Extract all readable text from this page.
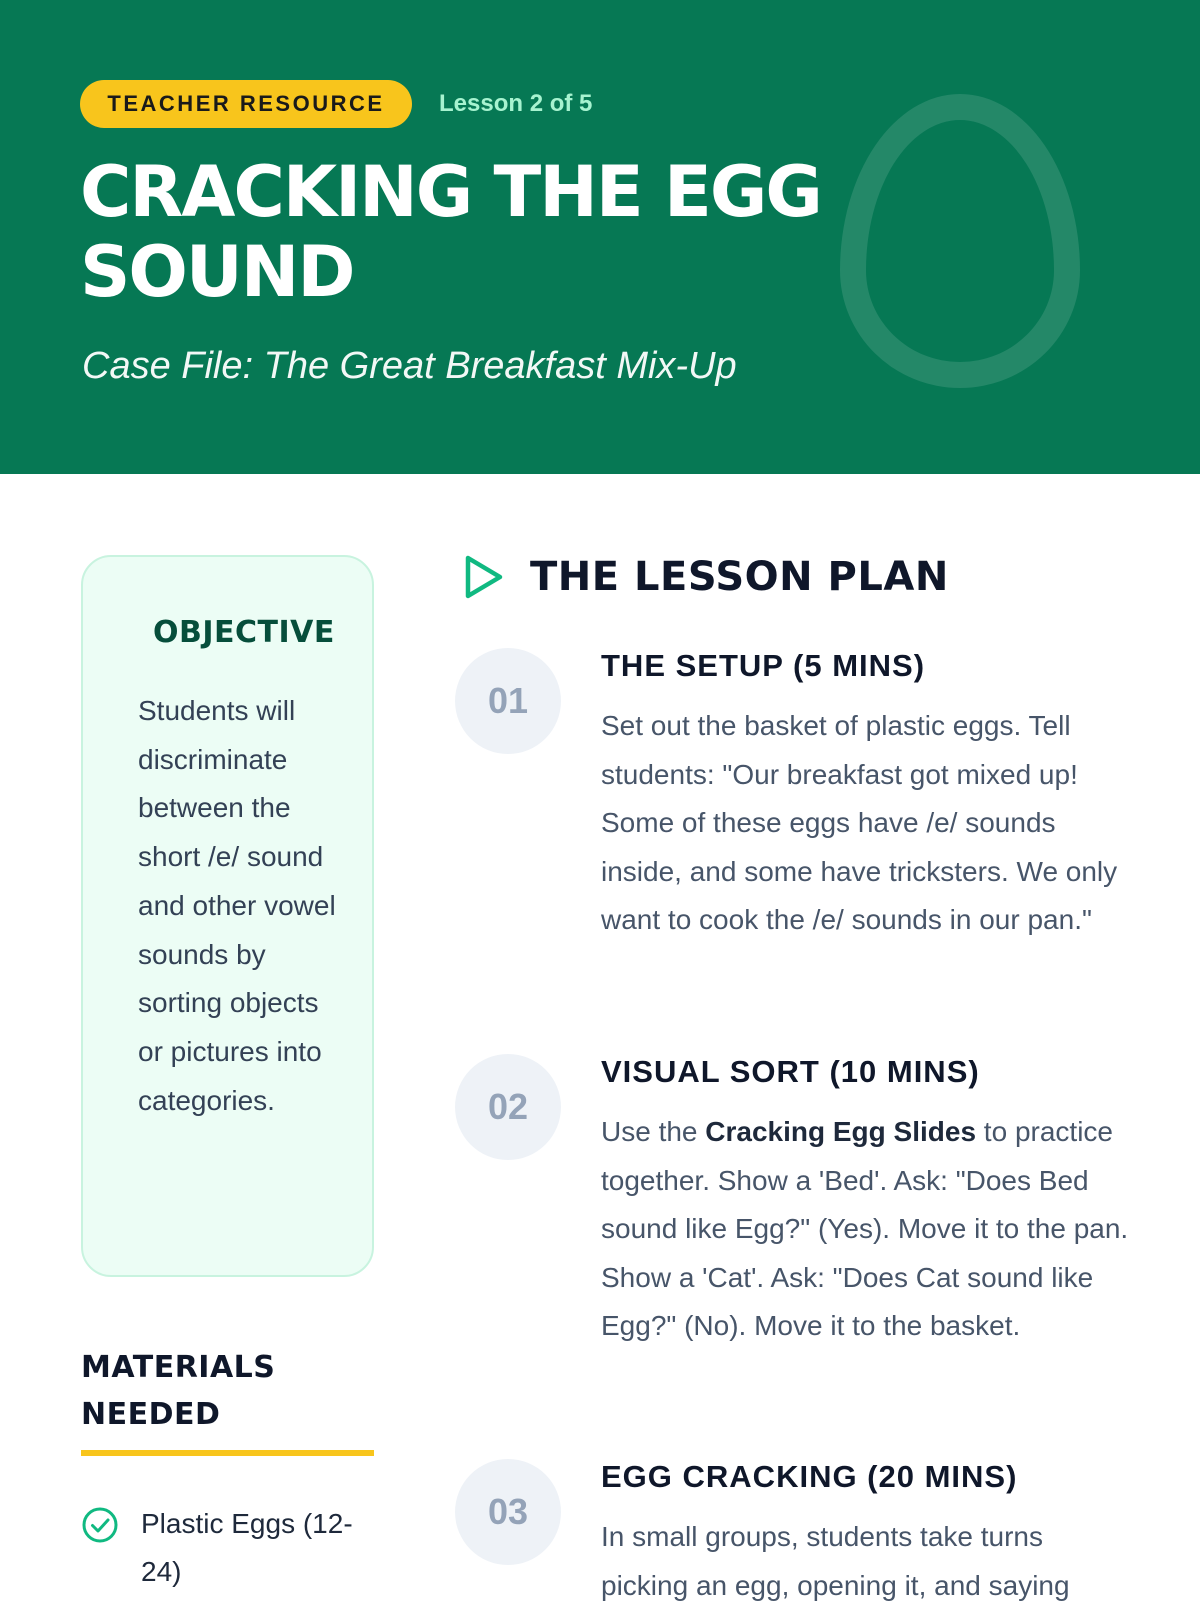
TEACHER RESOURCE	Lesson 2 of 5
CRACKING THE EGG SOUND
Case File: The Great Breakfast Mix-Up
OBJECTIVE

Students will discriminate between the short /e/ sound and other vowel sounds by sorting objects or pictures into categories.

MATERIALS NEEDED
Plastic Eggs (12-24)
THE LESSON PLAN
01
THE SETUP (5 MINS)

Set out the basket of plastic eggs. Tell students: "Our breakfast got mixed up! Some of these eggs have /e/ sounds inside, and some have tricksters. We only want to cook the /e/ sounds in our pan."

02
VISUAL SORT (10 MINS)

Use the Cracking Egg Slides to practice together. Show a 'Bed'. Ask: "Does Bed sound like Egg?" (Yes). Move it to the pan. Show a 'Cat'. Ask: "Does Cat sound like Egg?" (No). Move it to the basket.

03
EGG CRACKING (20 MINS)

In small groups, students take turns picking an egg, opening it, and saying
